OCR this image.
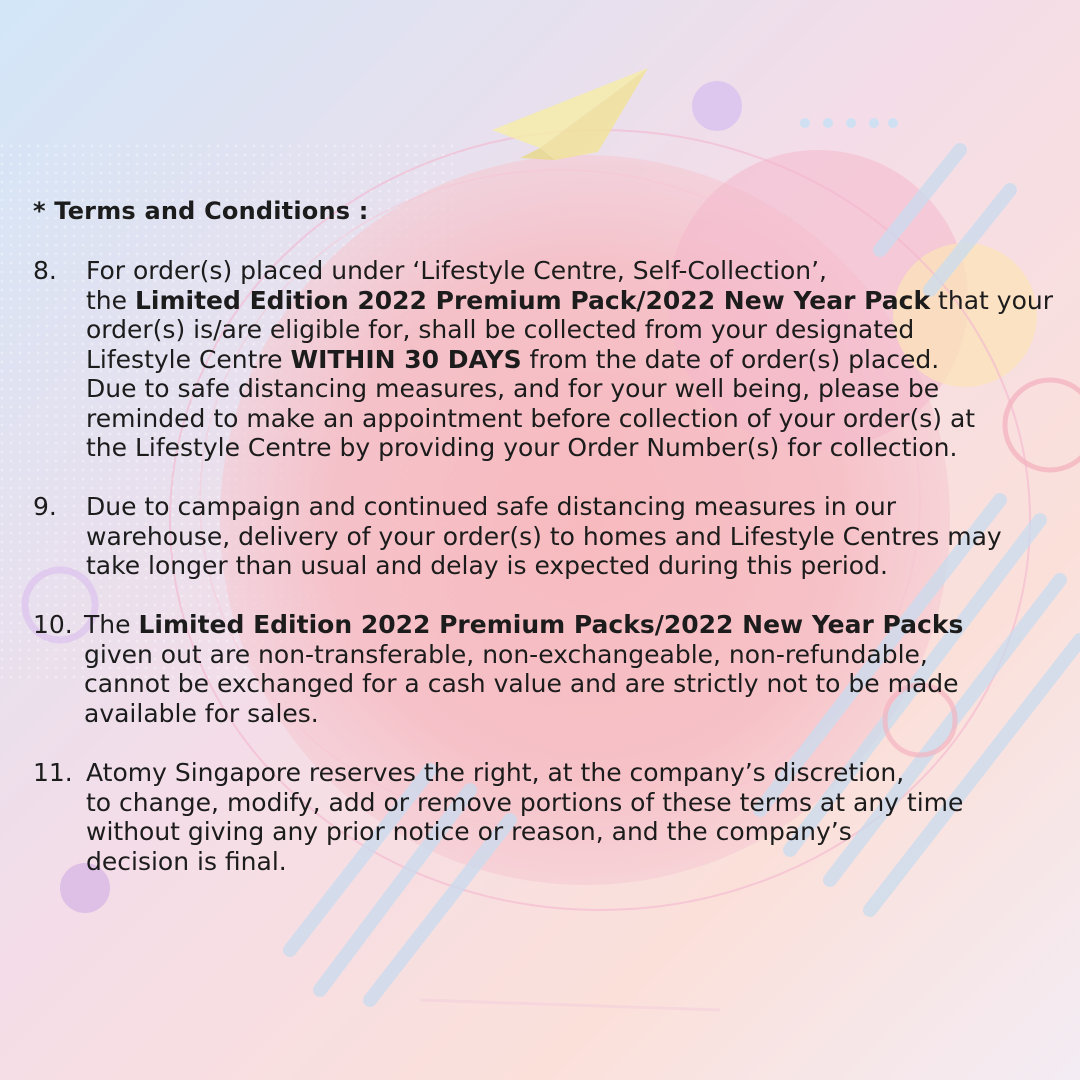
* Terms and Conditions :
8. For order(s) placed under ‘Lifestyle Centre, Self-Collection’,
the Limited Edition 2022 Premium Pack/2022 New Year Pack that your
order(s) is/are eligible for, shall be collected from your designated
Lifestyle Centre WITHIN 30 DAYS from the date of order(s) placed.
Due to safe distancing measures, and for your well being, please be
reminded to make an appointment before collection of your order(s) at
the Lifestyle Centre by providing your Order Number(s) for collection.
9. Due to campaign and continued safe distancing measures in our
warehouse, delivery of your order(s) to homes and Lifestyle Centres may
take longer than usual and delay is expected during this period.
10. The Limited Edition 2022 Premium Packs/2022 New Year Packs
given out are non-transferable, non-exchangeable, non-refundable,
cannot be exchanged for a cash value and are strictly not to be made
available for sales.
11. Atomy Singapore reserves the right, at the company’s discretion,
to change, modify, add or remove portions of these terms at any time
without giving any prior notice or reason, and the company’s
decision is final.
